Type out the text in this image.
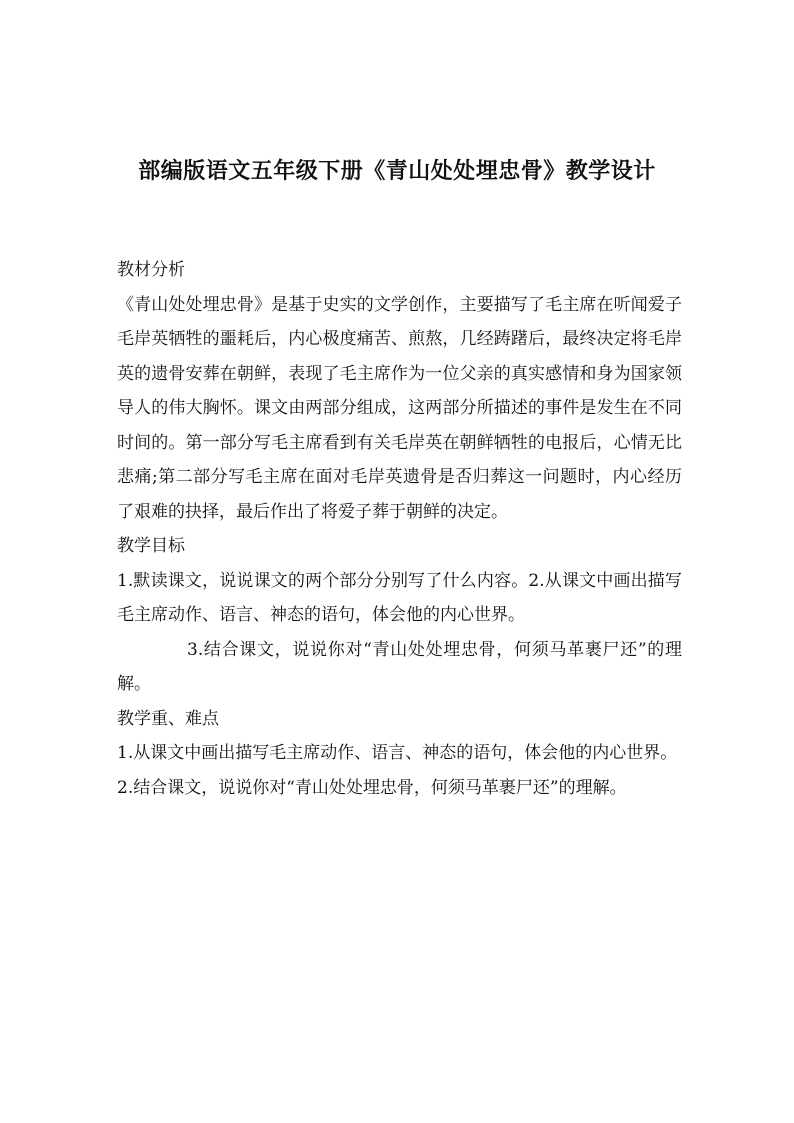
部编版语文五年级下册《青山处处埋忠骨》教学设计

教材分析

《青山处处埋忠骨》是基于史实的文学创作，主要描写了毛主席在听闻爱子毛岸英牺牲的噩耗后，内心极度痛苦、煎熬，几经踌躇后，最终决定将毛岸英的遗骨安葬在朝鲜，表现了毛主席作为一位父亲的真实感情和身为国家领导人的伟大胸怀。课文由两部分组成，这两部分所描述的事件是发生在不同时间的。第一部分写毛主席看到有关毛岸英在朝鲜牺牲的电报后，心情无比悲痛;第二部分写毛主席在面对毛岸英遗骨是否归葬这一问题时，内心经历了艰难的抉择，最后作出了将爱子葬于朝鲜的决定。

教学目标

1.默读课文，说说课文的两个部分分别写了什么内容。2.从课文中画出描写毛主席动作、语言、神态的语句，体会他的内心世界。

3.结合课文，说说你对“青山处处埋忠骨，何须马革裹尸还”的理解。

教学重、难点

1.从课文中画出描写毛主席动作、语言、神态的语句，体会他的内心世界。

2.结合课文，说说你对“青山处处埋忠骨，何须马革裹尸还”的理解。
